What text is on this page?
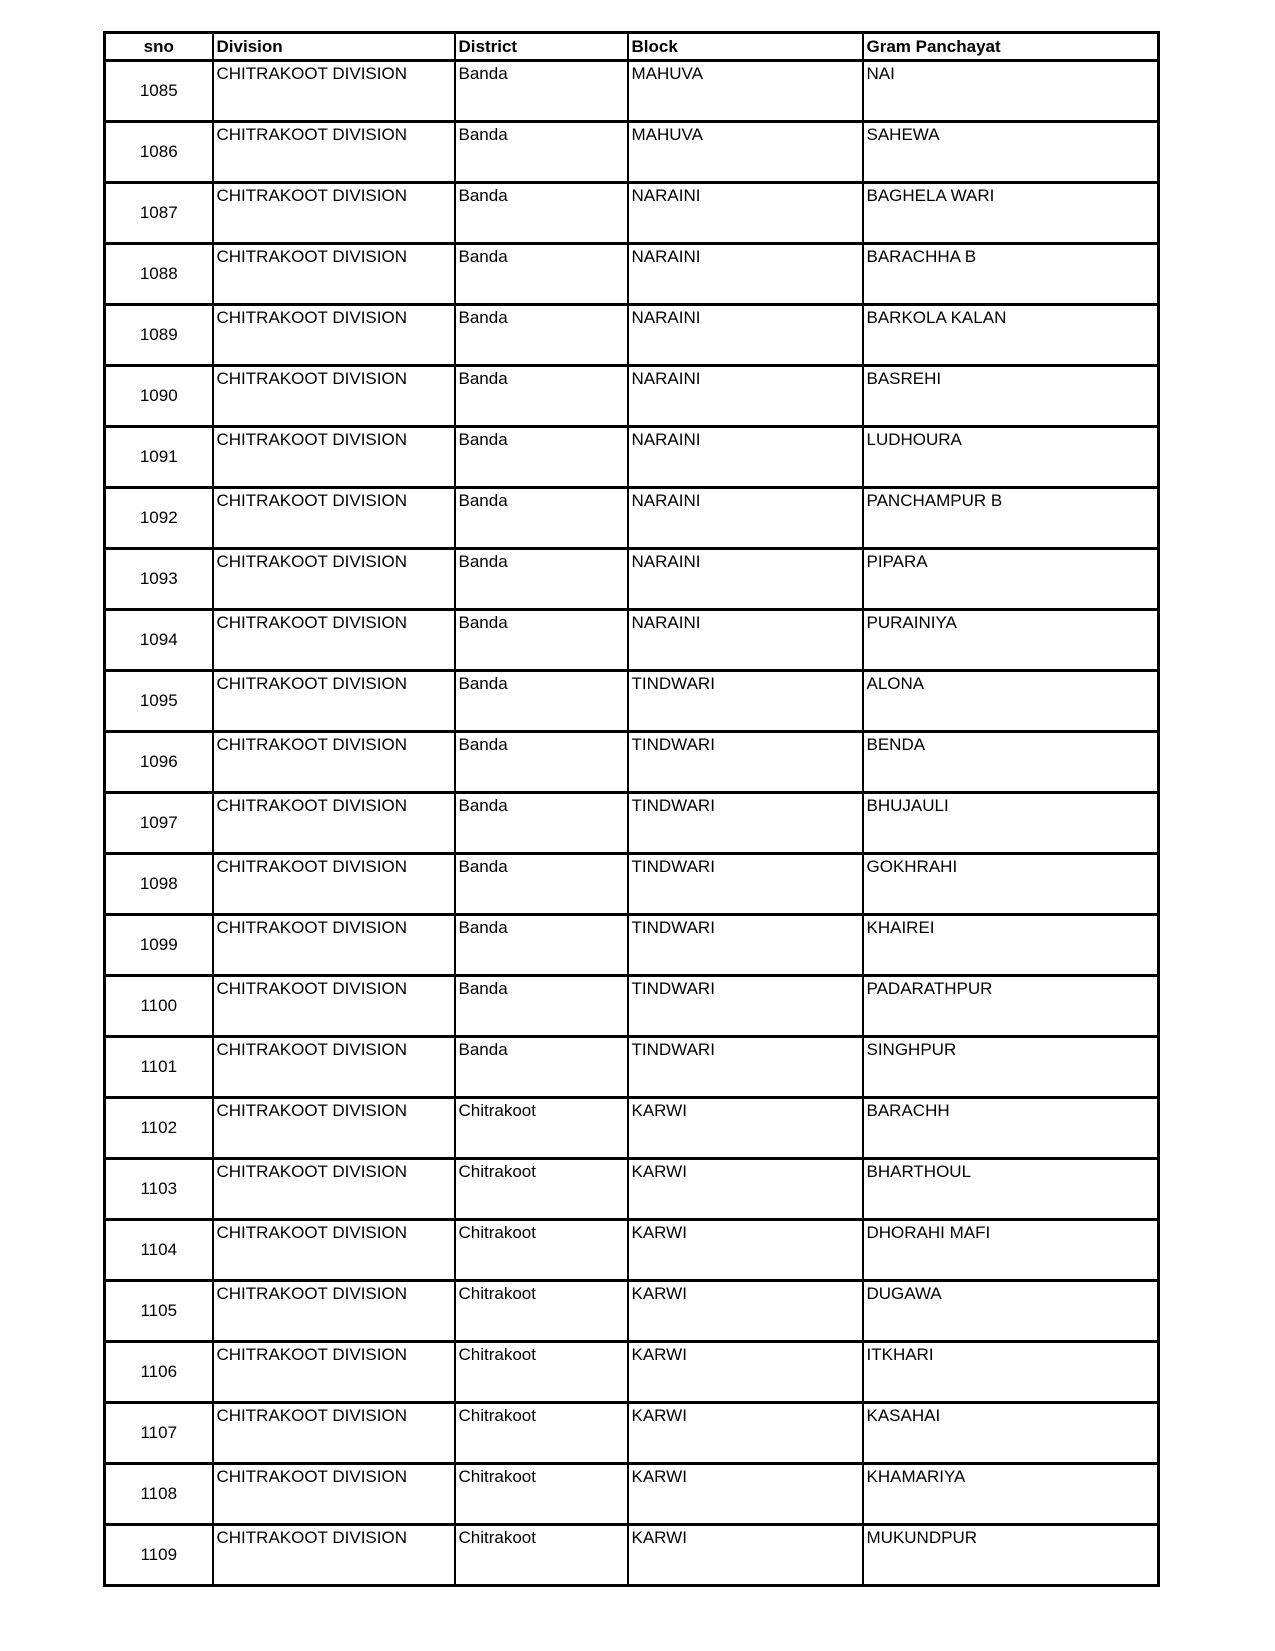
sno	Division	District	Block	Gram Panchayat
1085	CHITRAKOOT DIVISION	Banda	MAHUVA	NAI
1086	CHITRAKOOT DIVISION	Banda	MAHUVA	SAHEWA
1087	CHITRAKOOT DIVISION	Banda	NARAINI	BAGHELA WARI
1088	CHITRAKOOT DIVISION	Banda	NARAINI	BARACHHA B
1089	CHITRAKOOT DIVISION	Banda	NARAINI	BARKOLA KALAN
1090	CHITRAKOOT DIVISION	Banda	NARAINI	BASREHI
1091	CHITRAKOOT DIVISION	Banda	NARAINI	LUDHOURA
1092	CHITRAKOOT DIVISION	Banda	NARAINI	PANCHAMPUR B
1093	CHITRAKOOT DIVISION	Banda	NARAINI	PIPARA
1094	CHITRAKOOT DIVISION	Banda	NARAINI	PURAINIYA
1095	CHITRAKOOT DIVISION	Banda	TINDWARI	ALONA
1096	CHITRAKOOT DIVISION	Banda	TINDWARI	BENDA
1097	CHITRAKOOT DIVISION	Banda	TINDWARI	BHUJAULI
1098	CHITRAKOOT DIVISION	Banda	TINDWARI	GOKHRAHI
1099	CHITRAKOOT DIVISION	Banda	TINDWARI	KHAIREI
1100	CHITRAKOOT DIVISION	Banda	TINDWARI	PADARATHPUR
1101	CHITRAKOOT DIVISION	Banda	TINDWARI	SINGHPUR
1102	CHITRAKOOT DIVISION	Chitrakoot	KARWI	BARACHH
1103	CHITRAKOOT DIVISION	Chitrakoot	KARWI	BHARTHOUL
1104	CHITRAKOOT DIVISION	Chitrakoot	KARWI	DHORAHI MAFI
1105	CHITRAKOOT DIVISION	Chitrakoot	KARWI	DUGAWA
1106	CHITRAKOOT DIVISION	Chitrakoot	KARWI	ITKHARI
1107	CHITRAKOOT DIVISION	Chitrakoot	KARWI	KASAHAI
1108	CHITRAKOOT DIVISION	Chitrakoot	KARWI	KHAMARIYA
1109	CHITRAKOOT DIVISION	Chitrakoot	KARWI	MUKUNDPUR
